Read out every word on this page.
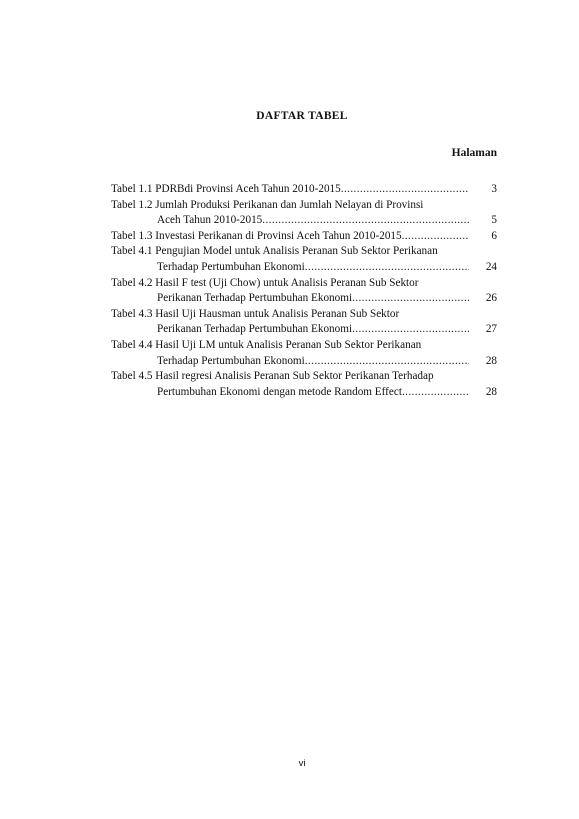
DAFTAR TABEL
Halaman
Tabel 1.1 PDRBdi Provinsi Aceh Tahun 2010-2015 .....	3
Tabel 1.2 Jumlah Produksi Perikanan dan Jumlah Nelayan di Provinsi
Aceh Tahun 2010-2015 .....	5
Tabel 1.3 Investasi Perikanan di Provinsi Aceh Tahun 2010-2015 .....	6
Tabel 4.1 Pengujian Model untuk Analisis Peranan Sub Sektor Perikanan
Terhadap Pertumbuhan Ekonomi .....	24
Tabel 4.2 Hasil F test (Uji Chow) untuk Analisis Peranan Sub Sektor
Perikanan Terhadap Pertumbuhan Ekonomi .....	26
Tabel 4.3 Hasil Uji Hausman untuk Analisis Peranan Sub Sektor
Perikanan Terhadap Pertumbuhan Ekonomi .....	27
Tabel 4.4 Hasil Uji LM untuk Analisis Peranan Sub Sektor Perikanan
Terhadap Pertumbuhan Ekonomi .....	28
Tabel 4.5 Hasil regresi Analisis Peranan Sub Sektor Perikanan Terhadap
Pertumbuhan Ekonomi dengan metode Random Effect .....	28
vi
